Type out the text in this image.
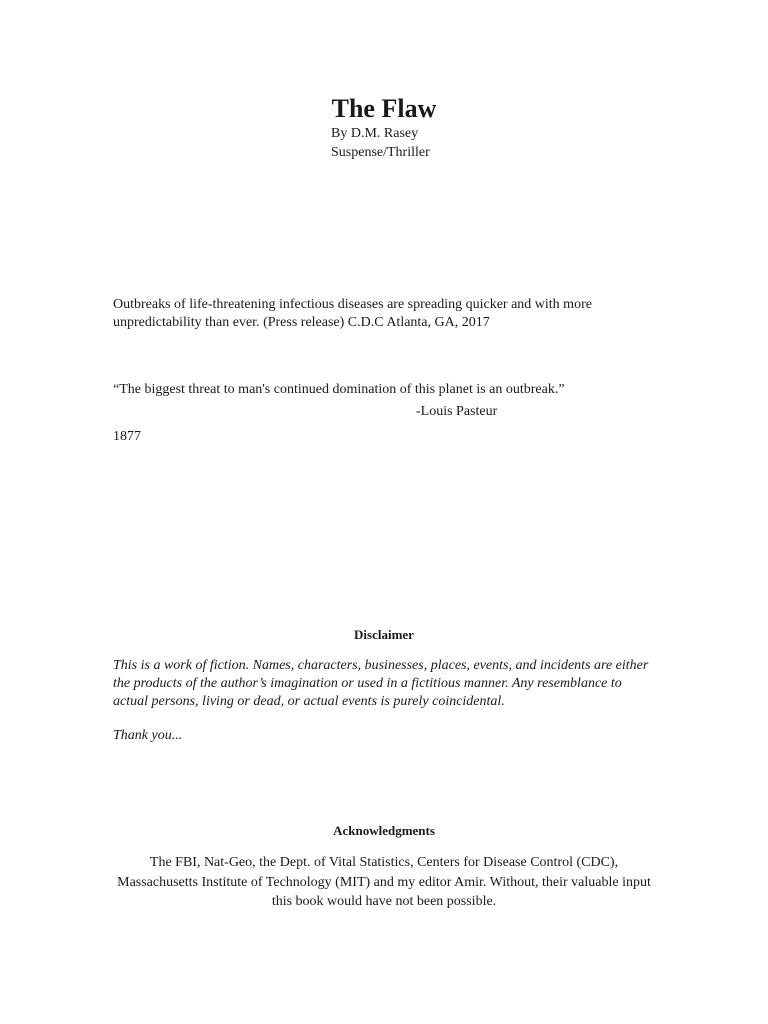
The Flaw
By D.M. Rasey
Suspense/Thriller

Outbreaks of life-threatening infectious diseases are spreading quicker and with more unpredictability than ever. (Press release) C.D.C Atlanta, GA, 2017

“The biggest threat to man's continued domination of this planet is an outbreak.”

-Louis Pasteur
1877
Disclaimer

This is a work of fiction. Names, characters, businesses, places, events, and incidents are either the products of the author’s imagination or used in a fictitious manner. Any resemblance to actual persons, living or dead, or actual events is purely coincidental.

Thank you...

Acknowledgments

The FBI, Nat-Geo, the Dept. of Vital Statistics, Centers for Disease Control (CDC), Massachusetts Institute of Technology (MIT) and my editor Amir. Without, their valuable input this book would have not been possible.
